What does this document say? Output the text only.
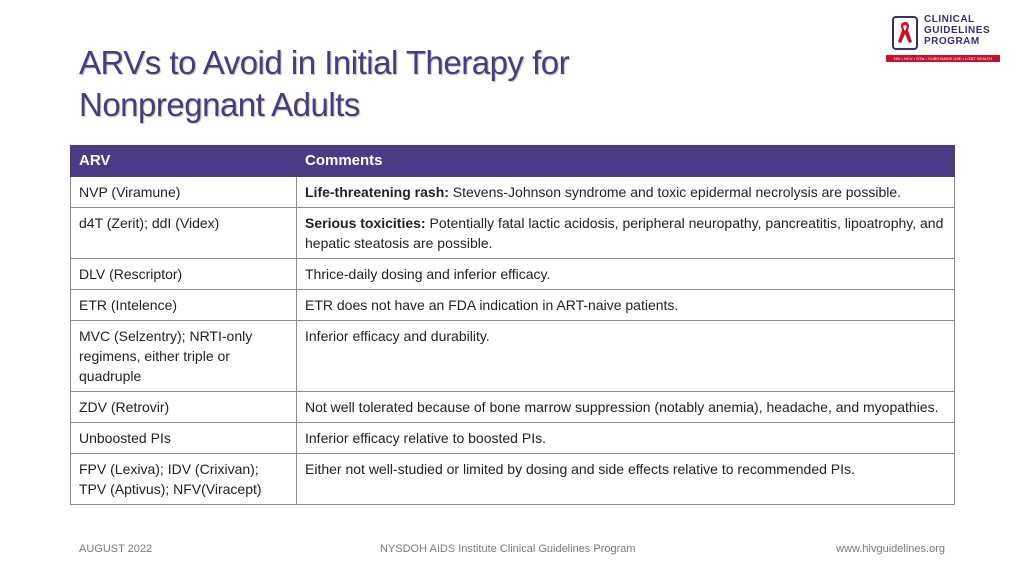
ARVs to Avoid in Initial Therapy for
Nonpregnant Adults
CLINICAL
GUIDELINES
PROGRAM
HIV • HCV • STIs • SUBSTANCE USE • LGBT HEALTH
ARV	Comments
NVP (Viramune)	Life-threatening rash: Stevens-Johnson syndrome and toxic epidermal necrolysis are possible.
d4T (Zerit); ddI (Videx)	Serious toxicities: Potentially fatal lactic acidosis, peripheral neuropathy, pancreatitis, lipoatrophy, and hepatic steatosis are possible.
DLV (Rescriptor)	Thrice-daily dosing and inferior efficacy.
ETR (Intelence)	ETR does not have an FDA indication in ART-naive patients.
MVC (Selzentry); NRTI-only regimens, either triple or quadruple	Inferior efficacy and durability.
ZDV (Retrovir)	Not well tolerated because of bone marrow suppression (notably anemia), headache, and myopathies.
Unboosted PIs	Inferior efficacy relative to boosted PIs.
FPV (Lexiva); IDV (Crixivan); TPV (Aptivus); NFV(Viracept)	Either not well-studied or limited by dosing and side effects relative to recommended PIs.
AUGUST 2022	NYSDOH AIDS Institute Clinical Guidelines Program	www.hivguidelines.org
